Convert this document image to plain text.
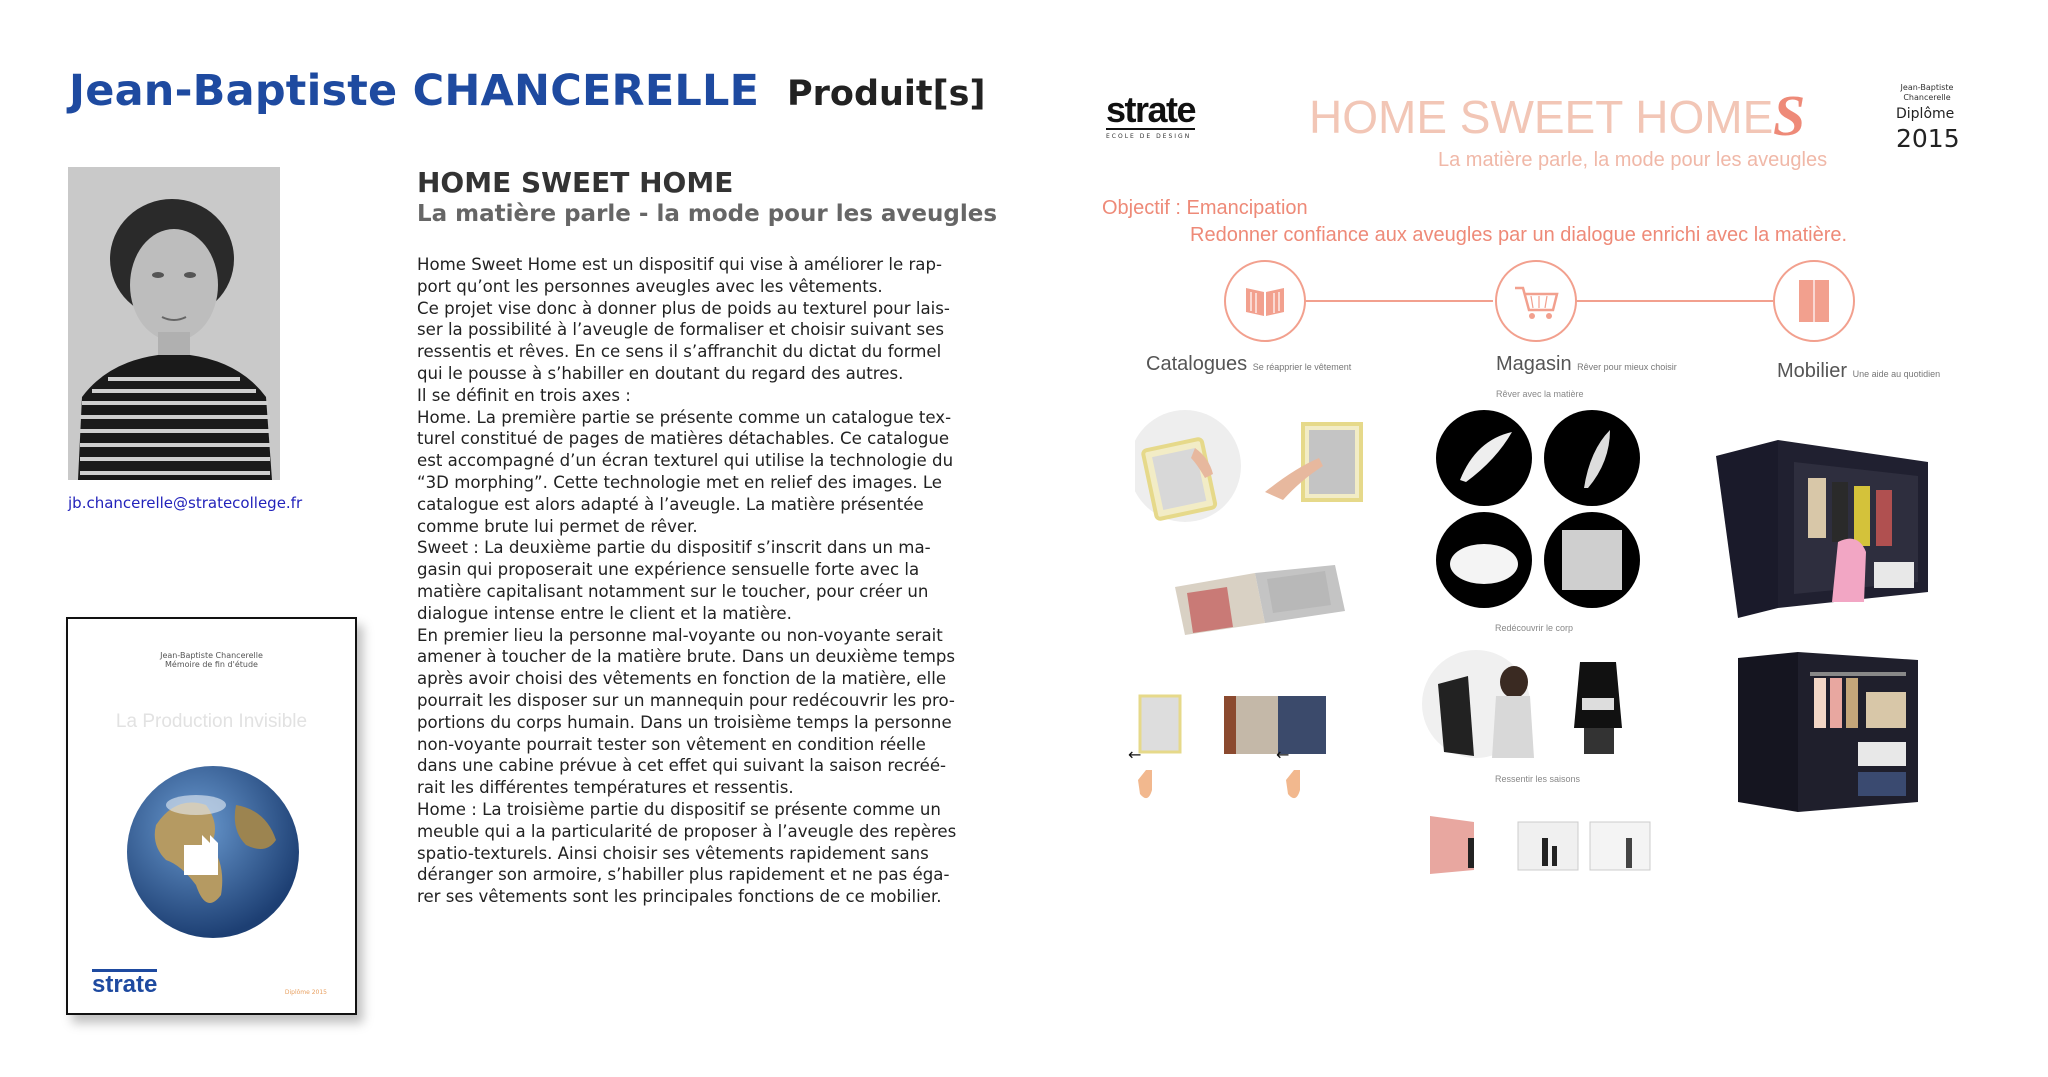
Jean-Baptiste CHANCERELLE Produit[s]
jb.chancerelle@stratecollege.fr
Jean-Baptiste Chancerelle
Mémoire de fin d'étude
La Production Invisible
strate	Diplôme 2015
HOME SWEET HOME
La matière parle - la mode pour les aveugles

Home Sweet Home est un dispositif qui vise à améliorer le rap-port qu’ont les personnes aveugles avec les vêtements.

Ce projet vise donc à donner plus de poids au texturel pour lais-ser la possibilité à l’aveugle de formaliser et choisir suivant ses ressentis et rêves. En ce sens il s’affranchit du dictat du formel qui le pousse à s’habiller en doutant du regard des autres.

Il se définit en trois axes :

Home. La première partie se présente comme un catalogue tex-turel constitué de pages de matières détachables. Ce catalogue est accompagné d’un écran texturel qui utilise la technologie du “3D morphing”. Cette technologie met en relief des images. Le catalogue est alors adapté à l’aveugle. La matière présentée comme brute lui permet de rêver.

Sweet : La deuxième partie du dispositif s’inscrit dans un ma-gasin qui proposerait une expérience sensuelle forte avec la matière capitalisant notamment sur le toucher, pour créer un dialogue intense entre le client et la matière.

En premier lieu la personne mal-voyante ou non-voyante serait amener à toucher de la matière brute. Dans un deuxième temps après avoir choisi des vêtements en fonction de la matière, elle pourrait les disposer sur un mannequin pour redécouvrir les pro-portions du corps humain. Dans un troisième temps la personne non-voyante pourrait tester son vêtement en condition réelle dans une cabine prévue à cet effet qui suivant la saison recréé-rait les différentes températures et ressentis.

Home : La troisième partie du dispositif se présente comme un meuble qui a la particularité de proposer à l’aveugle des repères spatio-texturels. Ainsi choisir ses vêtements rapidement sans déranger son armoire, s’habiller plus rapidement et ne pas éga-rer ses vêtements sont les principales fonctions de ce mobilier.

strate
ECOLE DE DESIGN	HOME SWEET HOME S
La matière parle, la mode pour les aveugles
Jean-Baptiste Chancerelle
Diplôme
2015
Objectif : Emancipation
Redonner confiance aux aveugles par un dialogue enrichi avec la matière.
Catalogues Se réapprier le vêtement	Magasin Rêver pour mieux choisir	Mobilier Une aide au quotidien
←	←
Rêver avec la matière
Redécouvrir le corp
Ressentir les saisons
